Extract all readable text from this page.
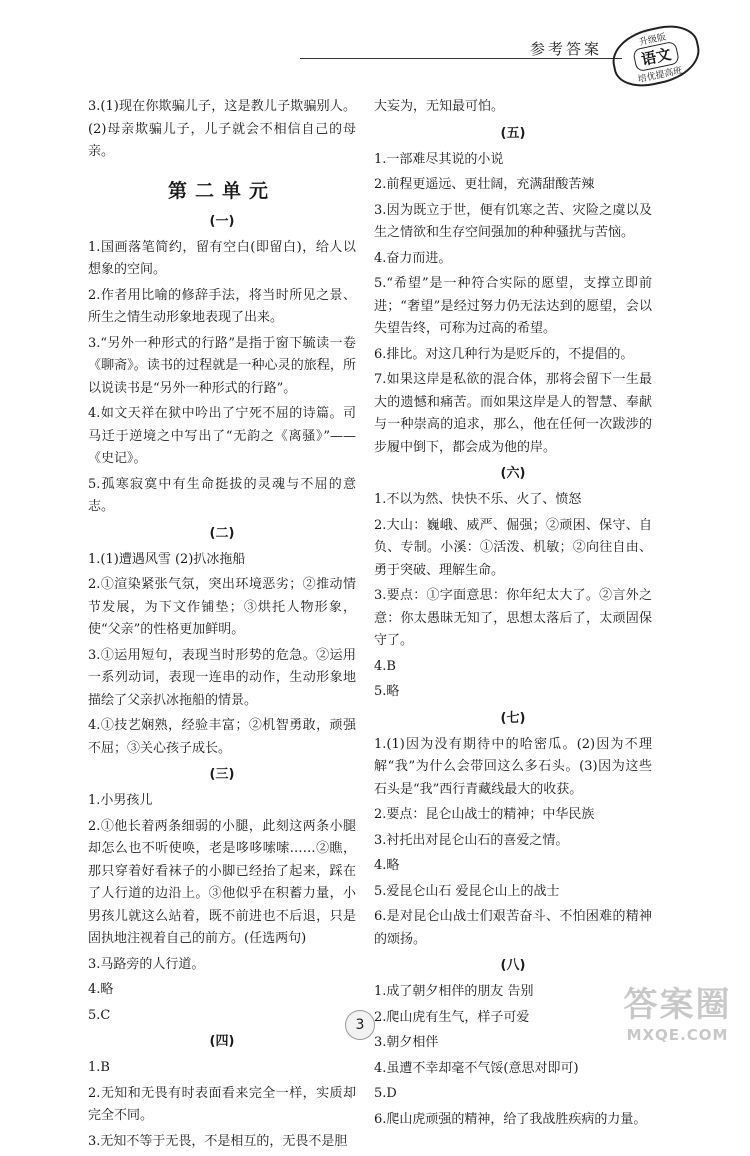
参考答案	升级版
语文
培优提高班
3.(1)现在你欺骗儿子，这是教儿子欺骗别人。(2)母亲欺骗儿子，儿子就会不相信自己的母亲。
第二单元
(一)
1.国画落笔简约，留有空白(即留白)，给人以想象的空间。
2.作者用比喻的修辞手法，将当时所见之景、所生之情生动形象地表现了出来。
3.“另外一种形式的行路”是指于窗下毓读一卷《聊斋》。读书的过程就是一种心灵的旅程，所以说读书是“另外一种形式的行路”。
4.如文天祥在狱中吟出了宁死不屈的诗篇。司马迁于逆境之中写出了“无韵之《离骚》”——《史记》。
5.孤寒寂寞中有生命挺拔的灵魂与不屈的意志。
(二)
1.(1)遭遇风雪 (2)扒冰拖船
2.①渲染紧张气氛，突出环境恶劣；②推动情节发展，为下文作铺垫；③烘托人物形象，使“父亲”的性格更加鲜明。
3.①运用短句，表现当时形势的危急。②运用一系列动词，表现一连串的动作，生动形象地描绘了父亲扒冰拖船的情景。
4.①技艺娴熟，经验丰富；②机智勇敢，顽强不屈；③关心孩子成长。
(三)
1.小男孩儿
2.①他长着两条细弱的小腿，此刻这两条小腿却怎么也不听使唤，老是哆哆嗦嗦……②瞧，那只穿着好看袜子的小脚已经抬了起来，踩在了人行道的边沿上。③他似乎在积蓄力量，小男孩儿就这么站着，既不前进也不后退，只是固执地注视着自己的前方。(任选两句)
3.马路旁的人行道。
4.略
5.C
(四)
1.B
2.无知和无畏有时表面看来完全一样，实质却完全不同。
3.无知不等于无畏，不是相互的，无畏不是胆
大妄为，无知最可怕。
(五)
1.一部难尽其说的小说
2.前程更遥远、更壮阔，充满甜酸苦辣
3.因为既立于世，便有饥寒之苦、灾险之虞以及生之情欲和生存空间强加的种种骚扰与苦恼。
4.奋力而进。
5.“希望”是一种符合实际的愿望，支撑立即前进；“奢望”是经过努力仍无法达到的愿望，会以失望告终，可称为过高的希望。
6.排比。对这几种行为是贬斥的，不提倡的。
7.如果这岸是私欲的混合体，那将会留下一生最大的遗憾和痛苦。而如果这岸是人的智慧、奉献与一种崇高的追求，那么，他在任何一次跋涉的步履中倒下，都会成为他的岸。
(六)
1.不以为然、快快不乐、火了、愤怒
2.大山：巍峨、威严、倔强；②顽困、保守、自负、专制。小溪：①活泼、机敏；②向往自由、勇于突破、理解生命。
3.要点：①字面意思：你年纪太大了。②言外之意：你太愚昧无知了，思想太落后了，太顽固保守了。
4.B
5.略
(七)
1.(1)因为没有期待中的哈密瓜。(2)因为不理解“我”为什么会带回这么多石头。(3)因为这些石头是“我”西行青藏线最大的收获。
2.要点：昆仑山战士的精神；中华民族
3.衬托出对昆仑山石的喜爱之情。
4.略
5.爱昆仑山石 爱昆仑山上的战士
6.是对昆仑山战士们艰苦奋斗、不怕困难的精神的颂扬。
(八)
1.成了朝夕相伴的朋友 告别
2.爬山虎有生气，样子可爱
3.朝夕相伴
4.虽遭不幸却毫不气馁(意思对即可)
5.D
6.爬山虎顽强的精神，给了我战胜疾病的力量。
3	答案圈
MXQE.COM
